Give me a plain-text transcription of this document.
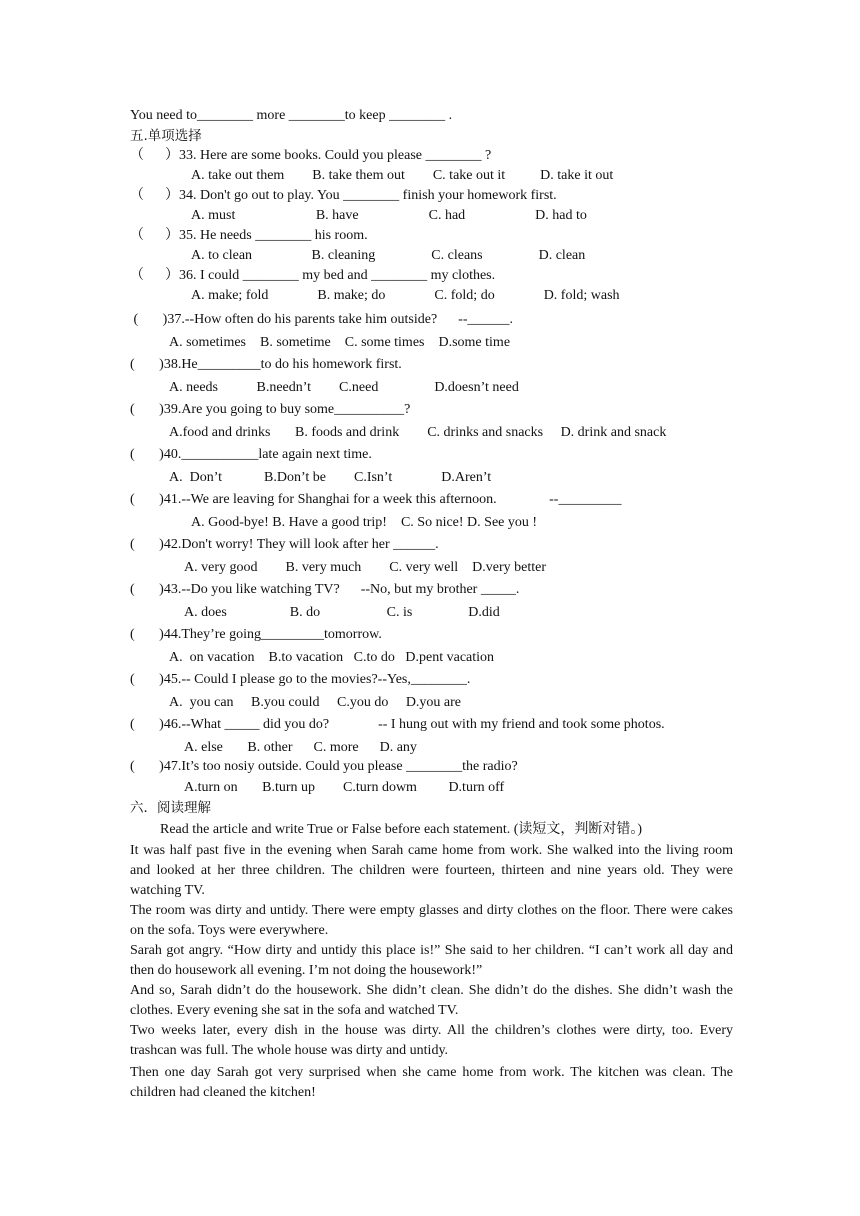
You need to________ more ________to keep ________ .
五.单项选择
（      ）33. Here are some books. Could you please ________ ?
A. take out them        B. take them out        C. take out it          D. take it out
（      ）34. Don't go out to play. You ________ finish your homework first.
A. must                       B. have                    C. had                    D. had to
（      ）35. He needs ________ his room.
A. to clean                 B. cleaning                C. cleans                D. clean
（      ）36. I could ________ my bed and ________ my clothes.
A. make; fold              B. make; do              C. fold; do              D. fold; wash
(       )37.--How often do his parents take him outside?      --______.
A. sometimes    B. sometime    C. some times    D.some time
(       )38.He_________to do his homework first.
A. needs           B.needn’t        C.need                D.doesn’t need
(       )39.Are you going to buy some__________?
A.food and drinks       B. foods and drink        C. drinks and snacks     D. drink and snack
(       )40.___________late again next time.
A.  Don’t            B.Don’t be        C.Isn’t              D.Aren’t
(       )41.--We are leaving for Shanghai for a week this afternoon.               --_________
A. Good-bye! B. Have a good trip!    C. So nice! D. See you !
(       )42.Don't worry! They will look after her ______.
A. very good        B. very much        C. very well    D.very better
(       )43.--Do you like watching TV?      --No, but my brother _____.
A. does                  B. do                   C. is                D.did
(       )44.They’re going_________tomorrow.
A.  on vacation    B.to vacation   C.to do   D.pent vacation
(       )45.-- Could I please go to the movies?--Yes,________.
A.  you can     B.you could     C.you do     D.you are
(       )46.--What _____ did you do?              -- I hung out with my friend and took some photos.
A. else       B. other      C. more      D. any
(       )47.It’s too nosiy outside. Could you please ________the radio?
A.turn on       B.turn up        C.turn dowm         D.turn off
六．阅读理解
Read the article and write True or False before each statement. (读短文，判断对错。)
It was half past five in the evening when Sarah came home from work. She walked into the living room and looked at her three children. The children were fourteen, thirteen and nine years old. They were watching TV.
The room was dirty and untidy. There were empty glasses and dirty clothes on the floor. There were cakes on the sofa. Toys were everywhere.
Sarah got angry. “How dirty and untidy this place is!” She said to her children. “I can’t work all day and then do housework all evening. I’m not doing the housework!”
And so, Sarah didn’t do the housework. She didn’t clean. She didn’t do the dishes. She didn’t wash the clothes. Every evening she sat in the sofa and watched TV.
Two weeks later, every dish in the house was dirty. All the children’s clothes were dirty, too. Every trashcan was full. The whole house was dirty and untidy.
Then one day Sarah got very surprised when she came home from work. The kitchen was clean. The children had cleaned the kitchen!
